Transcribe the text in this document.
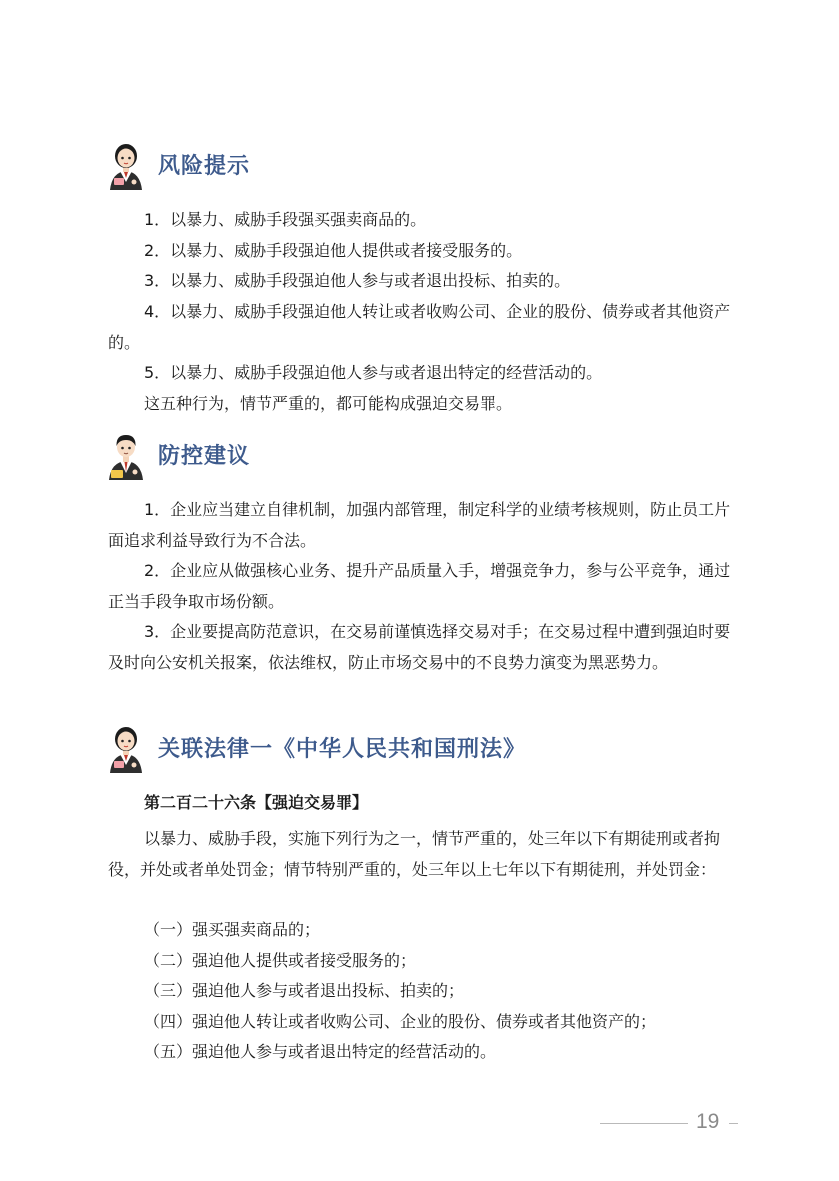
风险提示

1．以暴力、威胁手段强买强卖商品的。

2．以暴力、威胁手段强迫他人提供或者接受服务的。

3．以暴力、威胁手段强迫他人参与或者退出投标、拍卖的。

4．以暴力、威胁手段强迫他人转让或者收购公司、企业的股份、债券或者其他资产的。

5．以暴力、威胁手段强迫他人参与或者退出特定的经营活动的。

这五种行为，情节严重的，都可能构成强迫交易罪。

防控建议

1．企业应当建立自律机制，加强内部管理，制定科学的业绩考核规则，防止员工片面追求利益导致行为不合法。

2．企业应从做强核心业务、提升产品质量入手，增强竞争力，参与公平竞争，通过正当手段争取市场份额。

3．企业要提高防范意识，在交易前谨慎选择交易对手；在交易过程中遭到强迫时要及时向公安机关报案，依法维权，防止市场交易中的不良势力演变为黑恶势力。

关联法律一《中华人民共和国刑法》

第二百二十六条【强迫交易罪】

以暴力、威胁手段，实施下列行为之一，情节严重的，处三年以下有期徒刑或者拘役，并处或者单处罚金；情节特别严重的，处三年以上七年以下有期徒刑，并处罚金：

（一）强买强卖商品的；

（二）强迫他人提供或者接受服务的；

（三）强迫他人参与或者退出投标、拍卖的；

（四）强迫他人转让或者收购公司、企业的股份、债券或者其他资产的；

（五）强迫他人参与或者退出特定的经营活动的。

19
